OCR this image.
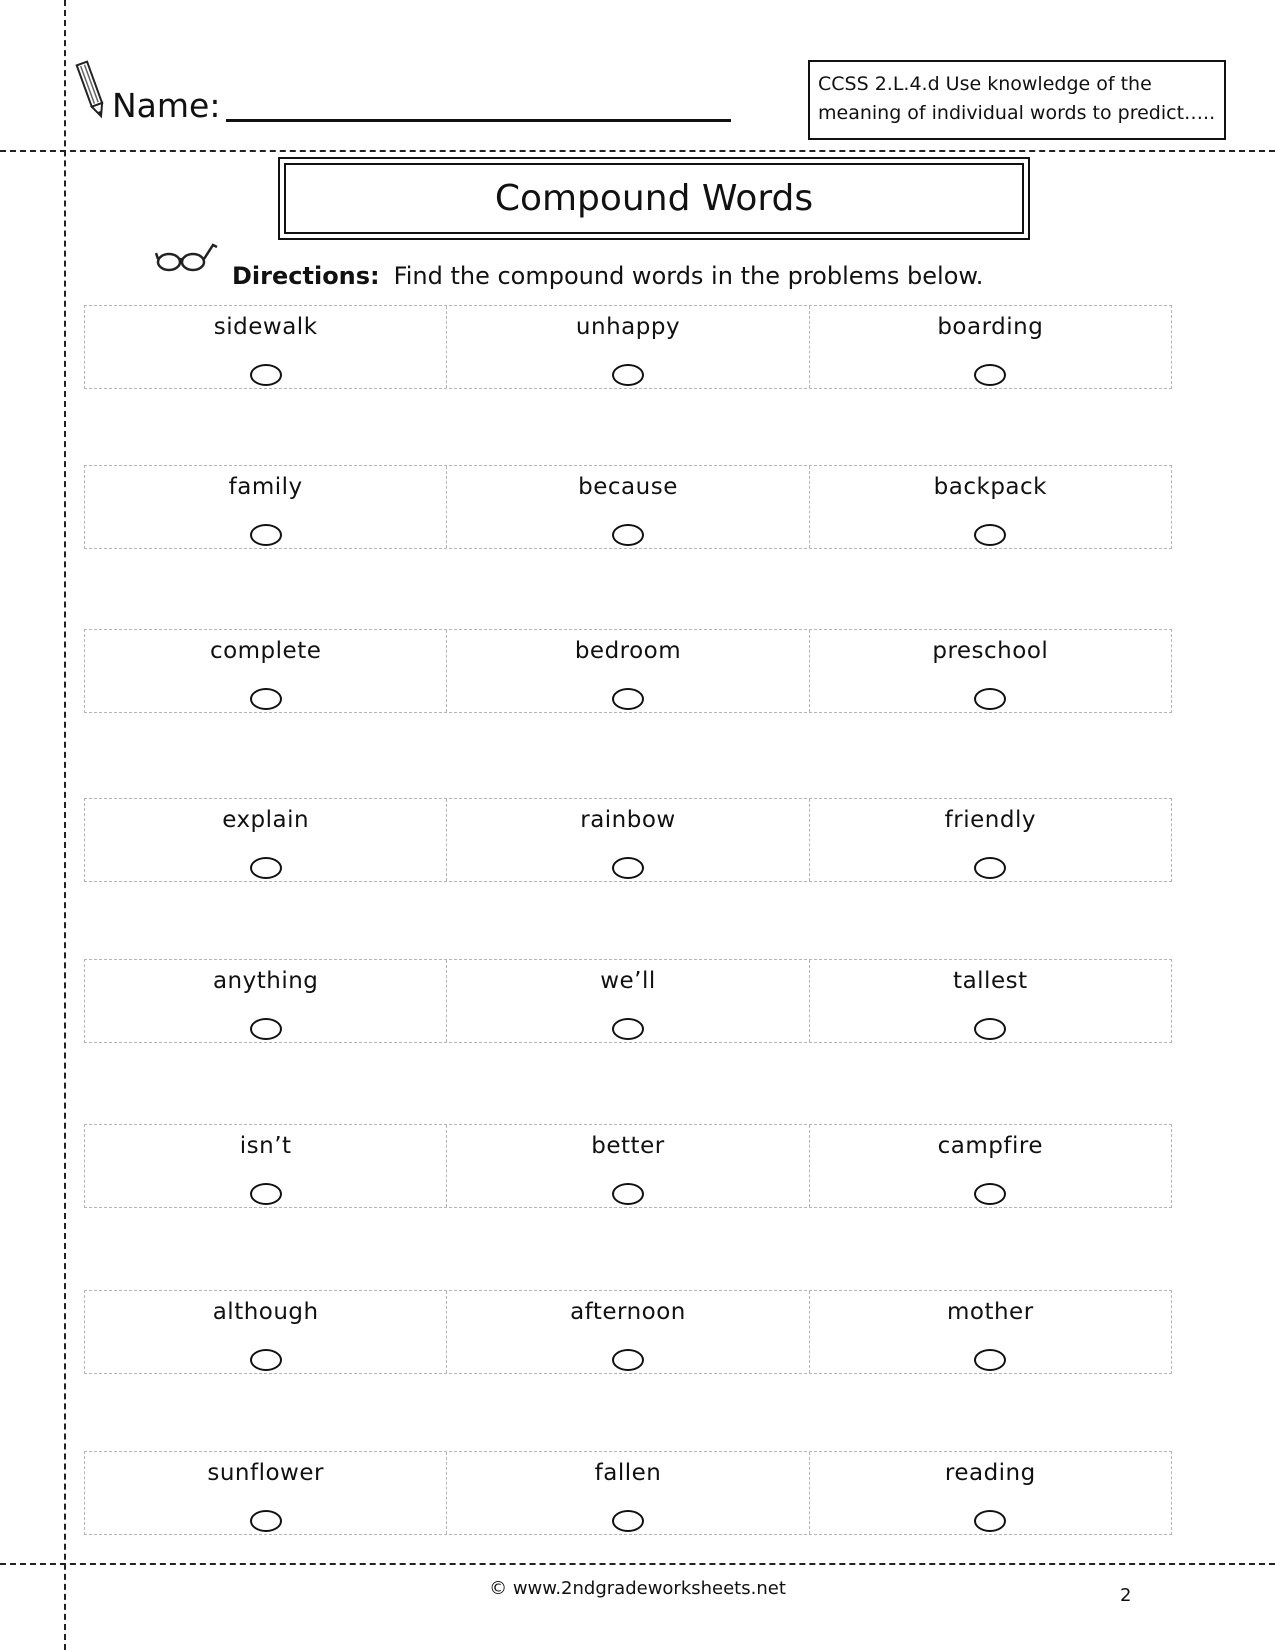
Name:
CCSS 2.L.4.d Use knowledge of the
meaning of individual words to predict…..
Compound Words
Directions: Find the compound words in the problems below.
sidewalk	unhappy	boarding
family	because	backpack
complete	bedroom	preschool
explain	rainbow	friendly
anything	we’ll	tallest
isn’t	better	campfire
although	afternoon	mother
sunflower	fallen	reading
© www.2ndgradeworksheets.net	2
